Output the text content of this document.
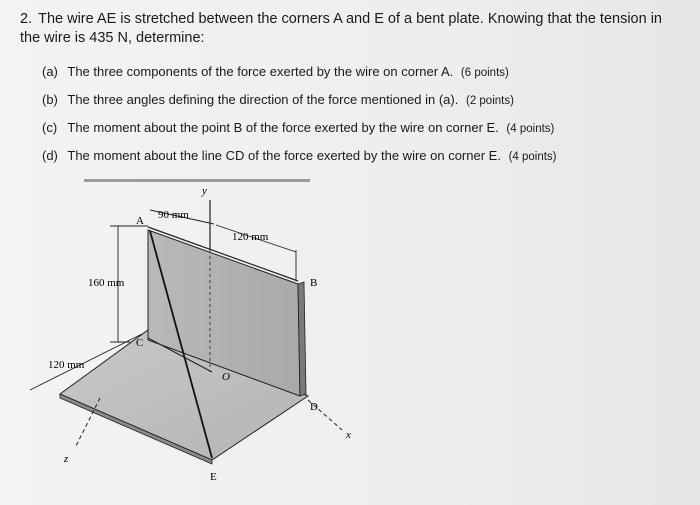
2. The wire AE is stretched between the corners A and E of a bent plate. Knowing that the tension in the wire is 435 N, determine:
(a) The three components of the force exerted by the wire on corner A. (6 points)
(b) The three angles defining the direction of the force mentioned in (a). (2 points)
(c) The moment about the point B of the force exerted by the wire on corner E. (4 points)
(d) The moment about the line CD of the force exerted by the wire on corner E. (4 points)
y
A 90 mm
120 mm
160 mm	B
C
120 mm
O
D
x
z
E
